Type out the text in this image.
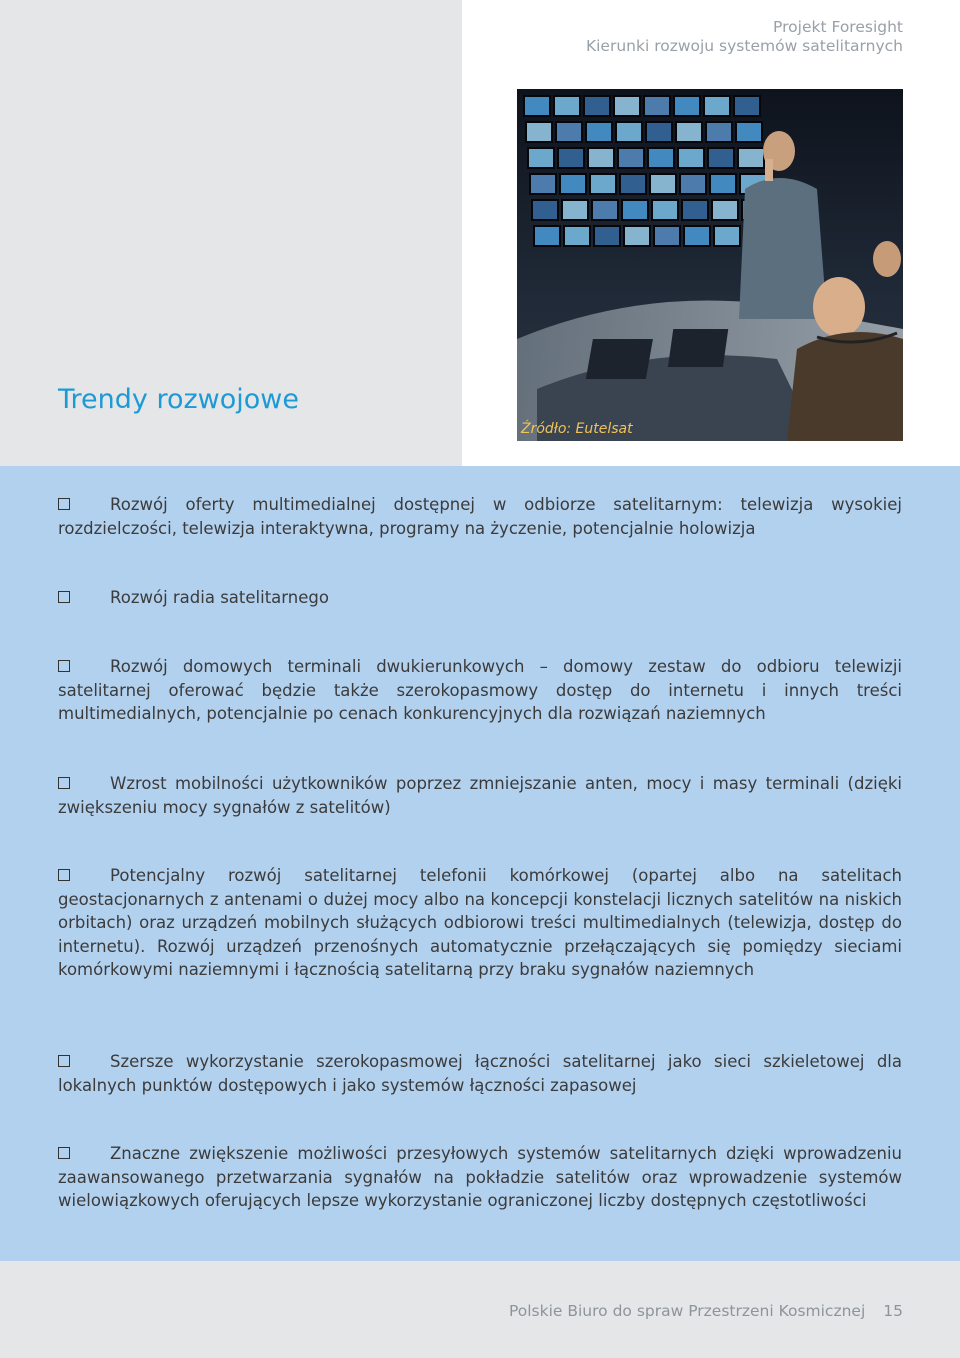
Projekt Foresight
Kierunki rozwoju systemów satelitarnych
Źródło: Eutelsat
Trendy rozwojowe

Rozwój oferty multimedialnej dostępnej w odbiorze satelitarnym: telewizja wysokiej rozdzielczości, telewizja interaktywna, programy na życzenie, potencjalnie holowizja

Rozwój radia satelitarnego

Rozwój domowych terminali dwukierunkowych – domowy zestaw do odbioru telewizji satelitarnej oferować będzie także szerokopasmowy dostęp do internetu i innych treści multimedialnych, potencjalnie po cenach konkurencyjnych dla rozwiązań naziemnych

Wzrost mobilności użytkowników poprzez zmniejszanie anten, mocy i masy terminali (dzięki zwiększeniu mocy sygnałów z satelitów)

Potencjalny rozwój satelitarnej telefonii komórkowej (opartej albo na satelitach geostacjonarnych z antenami o dużej mocy albo na koncepcji konstelacji licznych satelitów na niskich orbitach) oraz urządzeń mobilnych służących odbiorowi treści multimedialnych (telewizja, dostęp do internetu). Rozwój urządzeń przenośnych automatycznie przełączających się pomiędzy sieciami komórkowymi naziemnymi i łącznością satelitarną przy braku sygnałów naziemnych

Szersze wykorzystanie szerokopasmowej łączności satelitarnej jako sieci szkieletowej dla lokalnych punktów dostępowych i jako systemów łączności zapasowej

Znaczne zwiększenie możliwości przesyłowych systemów satelitarnych dzięki wprowadzeniu zaawansowanego przetwarzania sygnałów na pokładzie satelitów oraz wprowadzenie systemów wielowiązkowych oferujących lepsze wykorzystanie ograniczonej liczby dostępnych częstotliwości

Polskie Biuro do spraw Przestrzeni Kosmicznej 15
